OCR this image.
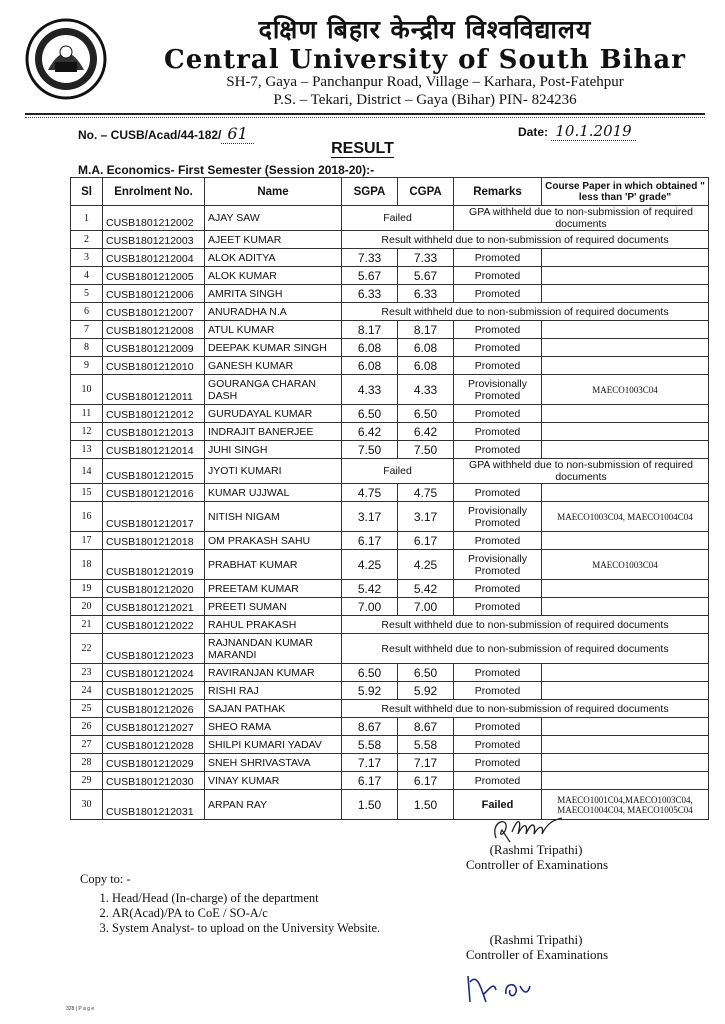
दक्षिण बिहार केन्द्रीय विश्वविद्यालय
Central University of South Bihar
SH-7, Gaya – Panchanpur Road, Village – Karhara, Post-Fatehpur
P.S. – Tekari, District – Gaya (Bihar) PIN- 824236
No. – CUSB/Acad/44-182/ 61	Date: 10.1.2019
RESULT
M.A. Economics- First Semester (Session 2018-20):-
Sl	Enrolment No.	Name	SGPA	CGPA	Remarks	Course Paper in which obtained " less than 'P' grade"
1	CUSB1801212002	AJAY SAW	Failed		GPA withheld due to non-submission of required documents	
2	CUSB1801212003	AJEET KUMAR	Result withheld due to non-submission of required documents			
3	CUSB1801212004	ALOK ADITYA	7.33	7.33	Promoted	
4	CUSB1801212005	ALOK KUMAR	5.67	5.67	Promoted	
5	CUSB1801212006	AMRITA SINGH	6.33	6.33	Promoted	
6	CUSB1801212007	ANURADHA N.A	Result withheld due to non-submission of required documents			
7	CUSB1801212008	ATUL KUMAR	8.17	8.17	Promoted	
8	CUSB1801212009	DEEPAK KUMAR SINGH	6.08	6.08	Promoted	
9	CUSB1801212010	GANESH KUMAR	6.08	6.08	Promoted	
10	CUSB1801212011	GOURANGA CHARAN DASH	4.33	4.33	Provisionally Promoted	MAECO1003C04
11	CUSB1801212012	GURUDAYAL KUMAR	6.50	6.50	Promoted	
12	CUSB1801212013	INDRAJIT BANERJEE	6.42	6.42	Promoted	
13	CUSB1801212014	JUHI SINGH	7.50	7.50	Promoted	
14	CUSB1801212015	JYOTI KUMARI	Failed		GPA withheld due to non-submission of required documents	
15	CUSB1801212016	KUMAR UJJWAL	4.75	4.75	Promoted	
16	CUSB1801212017	NITISH NIGAM	3.17	3.17	Provisionally Promoted	MAECO1003C04, MAECO1004C04
17	CUSB1801212018	OM PRAKASH SAHU	6.17	6.17	Promoted	
18	CUSB1801212019	PRABHAT KUMAR	4.25	4.25	Provisionally Promoted	MAECO1003C04
19	CUSB1801212020	PREETAM KUMAR	5.42	5.42	Promoted	
20	CUSB1801212021	PREETI SUMAN	7.00	7.00	Promoted	
21	CUSB1801212022	RAHUL PRAKASH	Result withheld due to non-submission of required documents			
22	CUSB1801212023	RAJNANDAN KUMAR MARANDI	Result withheld due to non-submission of required documents			
23	CUSB1801212024	RAVIRANJAN KUMAR	6.50	6.50	Promoted	
24	CUSB1801212025	RISHI RAJ	5.92	5.92	Promoted	
25	CUSB1801212026	SAJAN PATHAK	Result withheld due to non-submission of required documents			
26	CUSB1801212027	SHEO RAMA	8.67	8.67	Promoted	
27	CUSB1801212028	SHILPI KUMARI YADAV	5.58	5.58	Promoted	
28	CUSB1801212029	SNEH SHRIVASTAVA	7.17	7.17	Promoted	
29	CUSB1801212030	VINAY KUMAR	6.17	6.17	Promoted	
30	CUSB1801212031	ARPAN RAY	1.50	1.50	Failed	MAECO1001C04,MAECO1003C04, MAECO1004C04, MAECO1005C04
(Rashmi Tripathi)
Controller of Examinations
Copy to: -
1. Head/Head (In-charge) of the department
2. AR(Acad)/PA to CoE / SO-A/c
3. System Analyst- to upload on the University Website.
(Rashmi Tripathi)
Controller of Examinations
328 | P a g e
